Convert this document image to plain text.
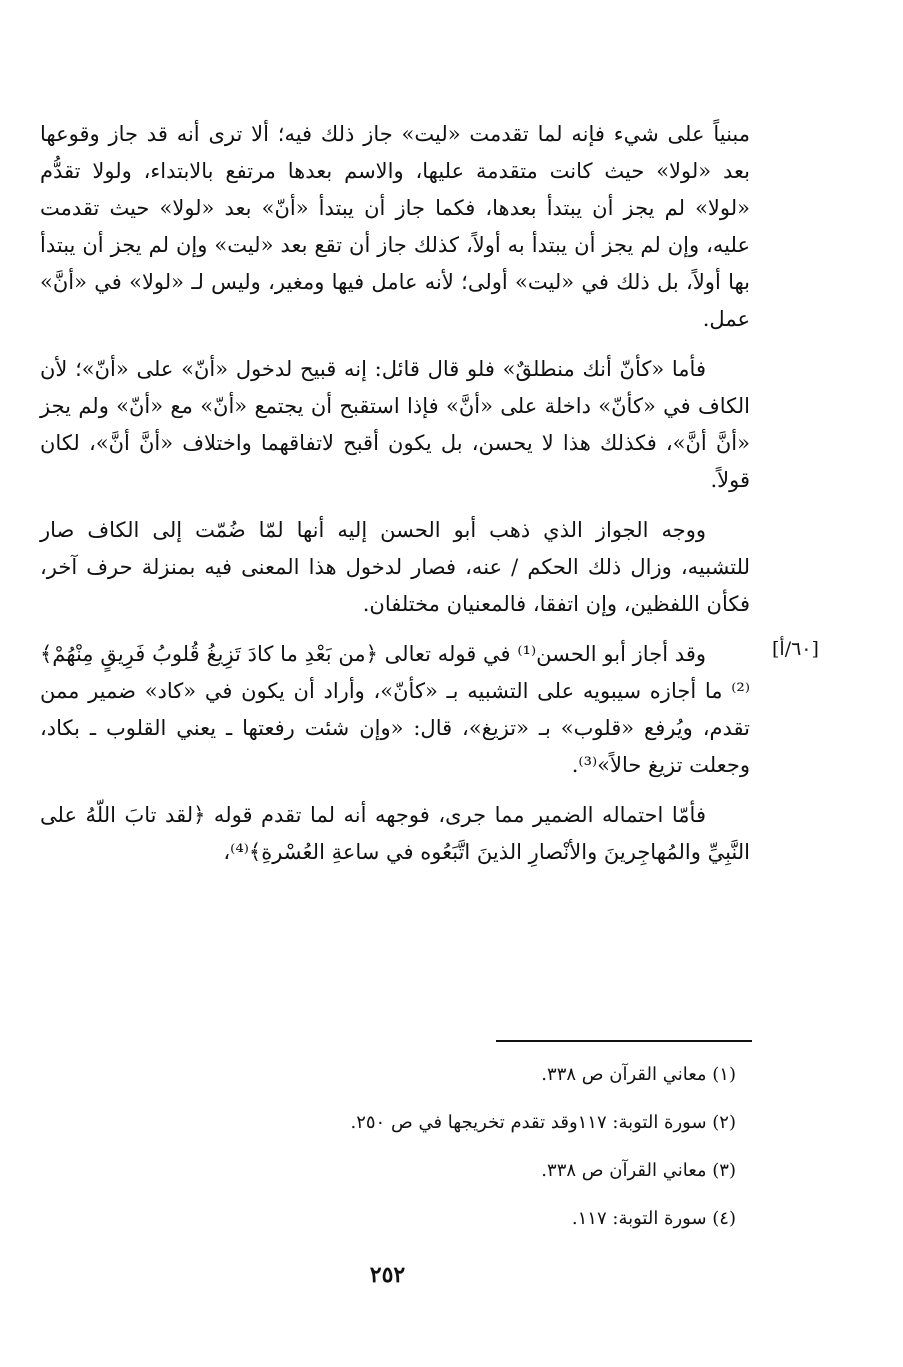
مبنياً على شيء فإنه لما تقدمت «ليت» جاز ذلك فيه؛ ألا ترى أنه قد جاز وقوعها بعد «لولا» حيث كانت متقدمة عليها، والاسم بعدها مرتفع بالابتداء، ولولا تقدُّم «لولا» لم يجز أن يبتدأ بعدها، فكما جاز أن يبتدأ «أنّ» بعد «لولا» حيث تقدمت عليه، وإن لم يجز أن يبتدأ به أولاً، كذلك جاز أن تقع بعد «ليت» وإن لم يجز أن يبتدأ بها أولاً، بل ذلك في «ليت» أولى؛ لأنه عامل فيها ومغير، وليس لـ «لولا» في «أنَّ» عمل.

فأما «كأنّ أنك منطلقٌ» فلو قال قائل: إنه قبيح لدخول «أنّ» على «أنّ»؛ لأن الكاف في «كأنّ» داخلة على «أنَّ» فإذا استقبح أن يجتمع «أنّ» مع «أنّ» ولم يجز «أنَّ أنَّ»، فكذلك هذا لا يحسن، بل يكون أقبح لاتفاقهما واختلاف «أنَّ أنَّ»، لكان قولاً.

ووجه الجواز الذي ذهب أبو الحسن إليه أنها لمّا ضُمّت إلى الكاف صار للتشبيه، وزال ذلك الحكم / عنه، فصار لدخول هذا المعنى فيه بمنزلة حرف آخر، فكأن اللفظين، وإن اتفقا، فالمعنيان مختلفان.

وقد أجاز أبو الحسن⁽¹⁾ في قوله تعالى ﴿من بَعْدِ ما كادَ تَزِيغُ قُلوبُ فَرِيقٍ مِنْهُمْ﴾⁽²⁾ ما أجازه سيبويه على التشبيه بـ «كأنّ»، وأراد أن يكون في «كاد» ضمير ممن تقدم، ويُرفع «قلوب» بـ «تزيغ»، قال: «وإن شئت رفعتها ـ يعني القلوب ـ بكاد، وجعلت تزيغ حالاً»⁽³⁾.

فأمّا احتماله الضمير مما جرى، فوجهه أنه لما تقدم قوله ﴿لقد تابَ اللّهُ على النَّبِيِّ والمُهاجِرينَ والأنْصارِ الذينَ اتَّبَعُوه في ساعةِ العُسْرةِ﴾⁽⁴⁾،

[٦٠/أ]
(١) معاني القرآن ص ٣٣٨.
(٢) سورة التوبة: ١١٧وقد تقدم تخريجها في ص ٢٥٠.
(٣) معاني القرآن ص ٣٣٨.
(٤) سورة التوبة: ١١٧.
٢٥٢
